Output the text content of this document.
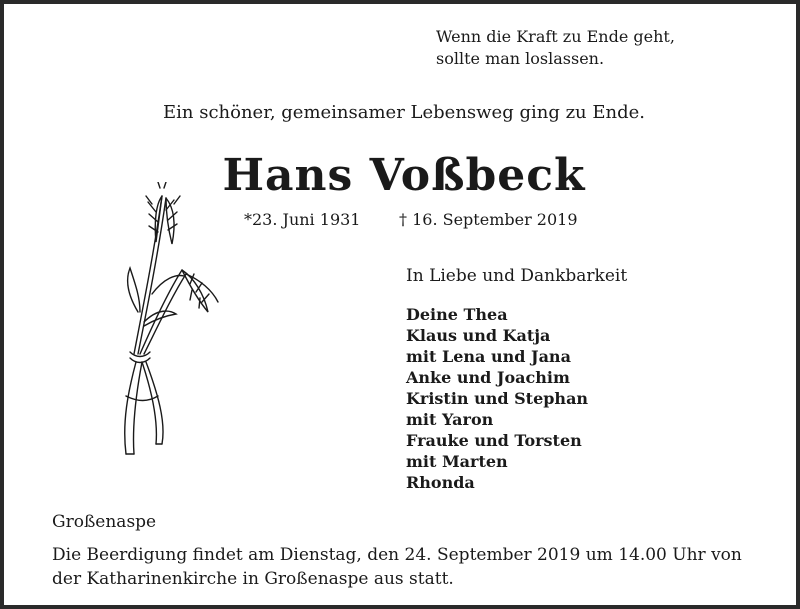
Wenn die Kraft zu Ende geht,
sollte man loslassen.
Ein schöner, gemeinsamer Lebensweg ging zu Ende.
Hans Voßbeck
*23. Juni 1931 † 16. September 2019
In Liebe und Dankbarkeit
Deine Thea
Klaus und Katja
mit Lena und Jana
Anke und Joachim
Kristin und Stephan
mit Yaron
Frauke und Torsten
mit Marten
Rhonda
Großenaspe
Die Beerdigung findet am Dienstag, den 24. September 2019 um 14.00 Uhr von
der Katharinenkirche in Großenaspe aus statt.
